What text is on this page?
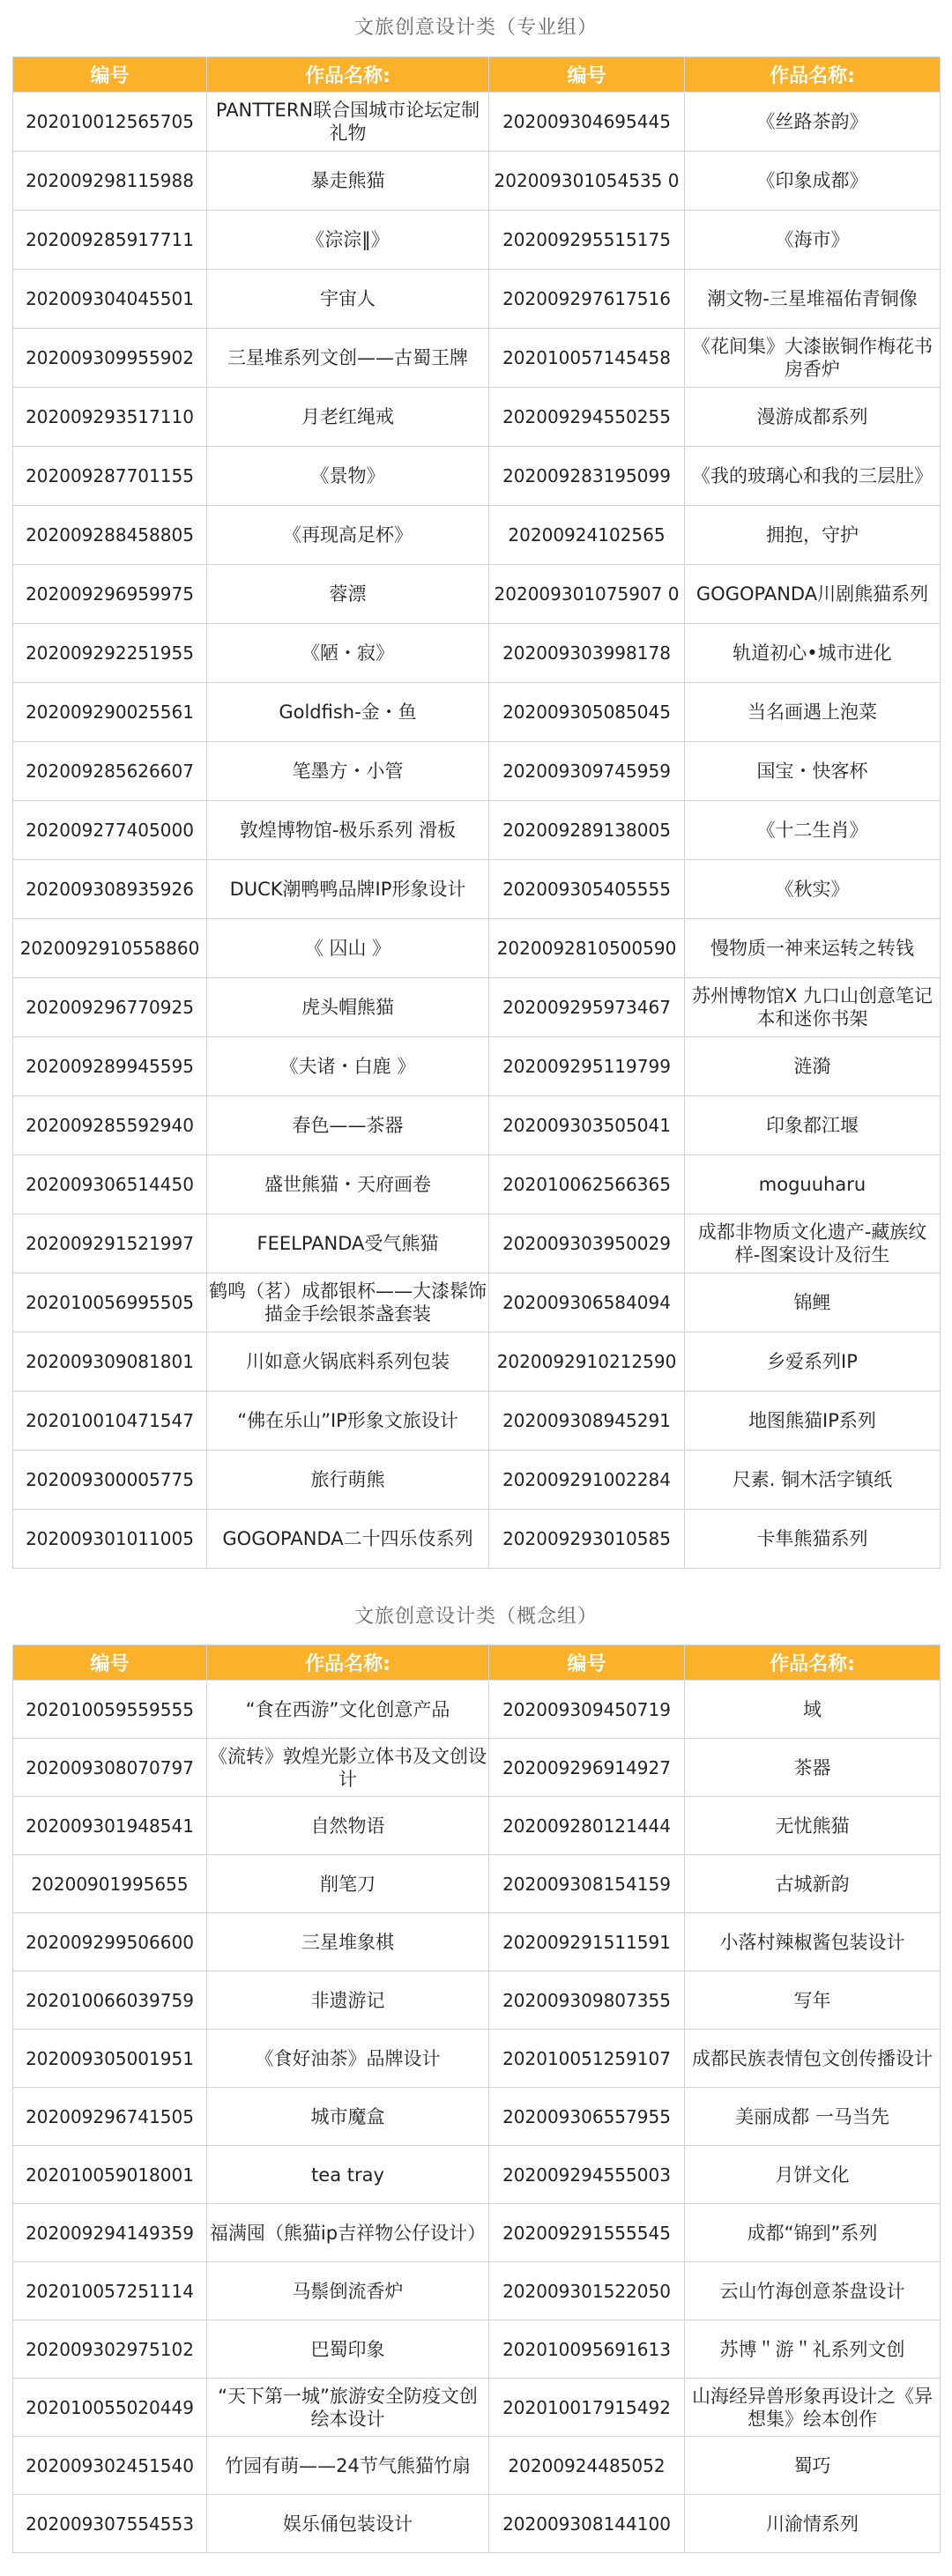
文旅创意设计类（专业组）
编号	作品名称:	编号	作品名称:
202010012565705	PANTTERN联合国城市论坛定制礼物	202009304695445	《丝路茶韵》
202009298115988	暴走熊猫	202009301054535 0	《印象成都》
202009285917711	《淙淙‖》	202009295515175	《海市》
202009304045501	宇宙人	202009297617516	潮文物-三星堆福佑青铜像
202009309955902	三星堆系列文创——古蜀王牌	202010057145458	《花间集》大漆嵌铜作梅花书房香炉
202009293517110	月老红绳戒	202009294550255	漫游成都系列
202009287701155	《景物》	202009283195099	《我的玻璃心和我的三层肚》
202009288458805	《再现高足杯》	20200924102565	拥抱，守护
202009296959975	蓉漂	202009301075907 0	GOGOPANDA川剧熊猫系列
202009292251955	《陋・寂》	202009303998178	轨道初心•城市进化
202009290025561	Goldfish-金・鱼	202009305085045	当名画遇上泡菜
202009285626607	笔墨方・小管	202009309745959	国宝・快客杯
202009277405000	敦煌博物馆-极乐系列 滑板	202009289138005	《十二生肖》
202009308935926	DUCK潮鸭鸭品牌IP形象设计	202009305405555	《秋实》
2020092910558860	《 囚山 》	2020092810500590	慢物质一神来运转之转钱
202009296770925	虎头帽熊猫	202009295973467	苏州博物馆X 九口山创意笔记本和迷你书架
202009289945595	《夫诸・白鹿 》	202009295119799	涟漪
202009285592940	春色——茶器	202009303505041	印象都江堰
202009306514450	盛世熊猫・天府画卷	202010062566365	moguuharu
202009291521997	FEELPANDA受气熊猫	202009303950029	成都非物质文化遗产-藏族纹样-图案设计及衍生
202010056995505	鹤鸣（茗）成都银杯——大漆髹饰描金手绘银茶盏套装	202009306584094	锦鲤
202009309081801	川如意火锅底料系列包装	2020092910212590	乡爱系列IP
202010010471547	“佛在乐山”IP形象文旅设计	202009308945291	地图熊猫IP系列
202009300005775	旅行萌熊	202009291002284	尺素. 铜木活字镇纸
202009301011005	GOGOPANDA二十四乐伎系列	202009293010585	卡隼熊猫系列
文旅创意设计类（概念组）
编号	作品名称:	编号	作品名称:
202010059559555	“食在西游”文化创意产品	202009309450719	域
202009308070797	《流转》敦煌光影立体书及文创设计	202009296914927	茶器
202009301948541	自然物语	202009280121444	无忧熊猫
20200901995655	削笔刀	202009308154159	古城新韵
202009299506600	三星堆象棋	202009291511591	小落村辣椒酱包装设计
202010066039759	非遗游记	202009309807355	写年
202009305001951	《食好油茶》品牌设计	202010051259107	成都民族表情包文创传播设计
202009296741505	城市魔盒	202009306557955	美丽成都 一马当先
202010059018001	tea tray	202009294555003	月饼文化
202009294149359	福满囤（熊猫ip吉祥物公仔设计）	202009291555545	成都“锦到”系列
202010057251114	马鬃倒流香炉	202009301522050	云山竹海创意茶盘设计
202009302975102	巴蜀印象	202010095691613	苏博＂游＂礼系列文创
202010055020449	“天下第一城”旅游安全防疫文创绘本设计	202010017915492	山海经异兽形象再设计之《异想集》绘本创作
202009302451540	竹园有萌——24节气熊猫竹扇	20200924485052	蜀巧
202009307554553	娱乐俑包装设计	202009308144100	川渝情系列
